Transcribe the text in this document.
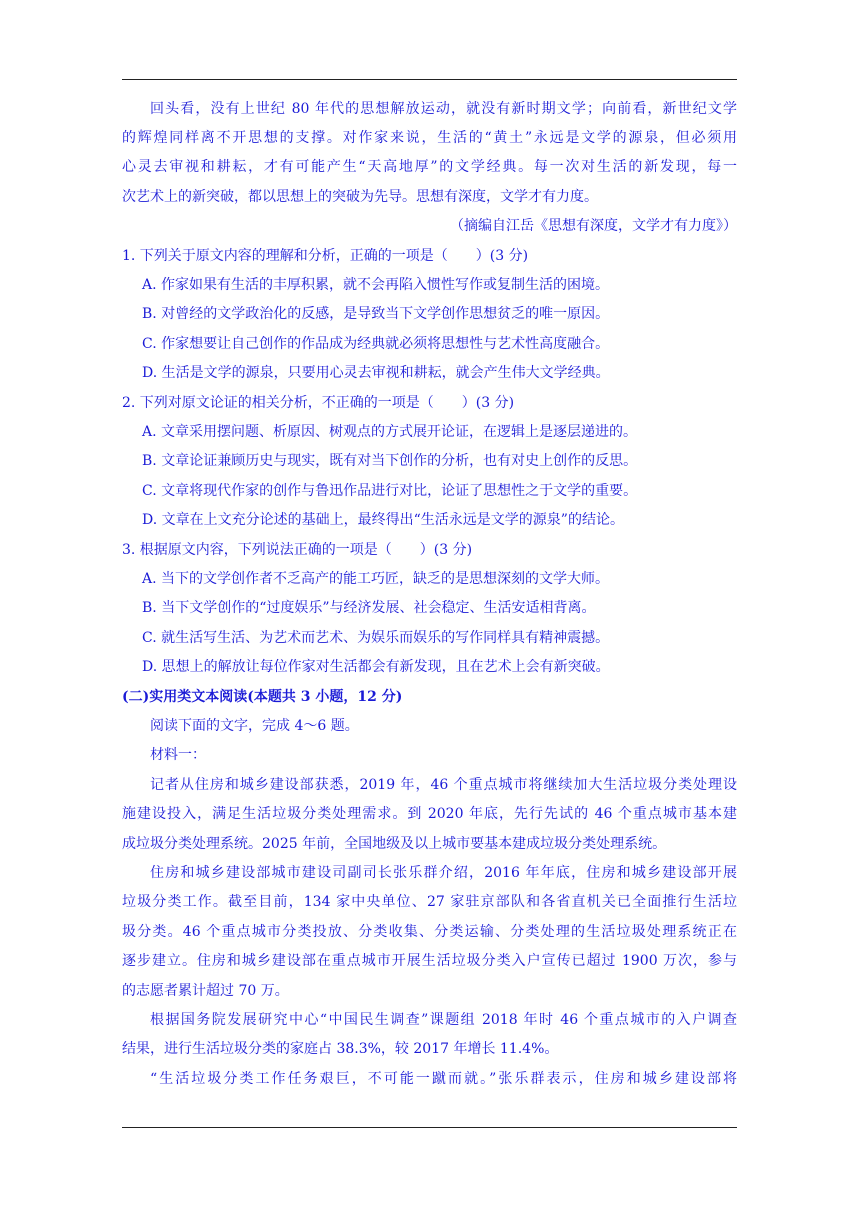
回头看，没有上世纪 80 年代的思想解放运动，就没有新时期文学；向前看，新世纪文学
的辉煌同样离不开思想的支撑。对作家来说，生活的“黄土”永远是文学的源泉，但必须用
心灵去审视和耕耘，才有可能产生“天高地厚”的文学经典。每一次对生活的新发现，每一
次艺术上的新突破，都以思想上的突破为先导。思想有深度，文学才有力度。
（摘编自江岳《思想有深度，文学才有力度》）
1. 下列关于原文内容的理解和分析，正确的一项是（　　）(3 分)
A. 作家如果有生活的丰厚积累，就不会再陷入惯性写作或复制生活的困境。
B. 对曾经的文学政治化的反感，是导致当下文学创作思想贫乏的唯一原因。
C. 作家想要让自己创作的作品成为经典就必须将思想性与艺术性高度融合。
D. 生活是文学的源泉，只要用心灵去审视和耕耘，就会产生伟大文学经典。
2. 下列对原文论证的相关分析，不正确的一项是（　　）(3 分)
A. 文章采用摆问题、析原因、树观点的方式展开论证，在逻辑上是逐层递进的。
B. 文章论证兼顾历史与现实，既有对当下创作的分析，也有对史上创作的反思。
C. 文章将现代作家的创作与鲁迅作品进行对比，论证了思想性之于文学的重要。
D. 文章在上文充分论述的基础上，最终得出“生活永远是文学的源泉”的结论。
3. 根据原文内容，下列说法正确的一项是（　　）(3 分)
A. 当下的文学创作者不乏高产的能工巧匠，缺乏的是思想深刻的文学大师。
B. 当下文学创作的“过度娱乐”与经济发展、社会稳定、生活安适相背离。
C. 就生活写生活、为艺术而艺术、为娱乐而娱乐的写作同样具有精神震撼。
D. 思想上的解放让每位作家对生活都会有新发现，且在艺术上会有新突破。
(二)实用类文本阅读(本题共 3 小题，12 分)
阅读下面的文字，完成 4～6 题。
材料一：
记者从住房和城乡建设部获悉，2019 年，46 个重点城市将继续加大生活垃圾分类处理设
施建设投入，满足生活垃圾分类处理需求。到 2020 年底，先行先试的 46 个重点城市基本建
成垃圾分类处理系统。2025 年前，全国地级及以上城市要基本建成垃圾分类处理系统。
住房和城乡建设部城市建设司副司长张乐群介绍，2016 年年底，住房和城乡建设部开展
垃圾分类工作。截至目前，134 家中央单位、27 家驻京部队和各省直机关已全面推行生活垃
圾分类。46 个重点城市分类投放、分类收集、分类运输、分类处理的生活垃圾处理系统正在
逐步建立。住房和城乡建设部在重点城市开展生活垃圾分类入户宣传已超过 1900 万次，参与
的志愿者累计超过 70 万。
根据国务院发展研究中心“中国民生调查”课题组 2018 年时 46 个重点城市的入户调查
结果，进行生活垃圾分类的家庭占 38.3%，较 2017 年增长 11.4%。
“生活垃圾分类工作任务艰巨，不可能一蹴而就。”张乐群表示，住房和城乡建设部将
